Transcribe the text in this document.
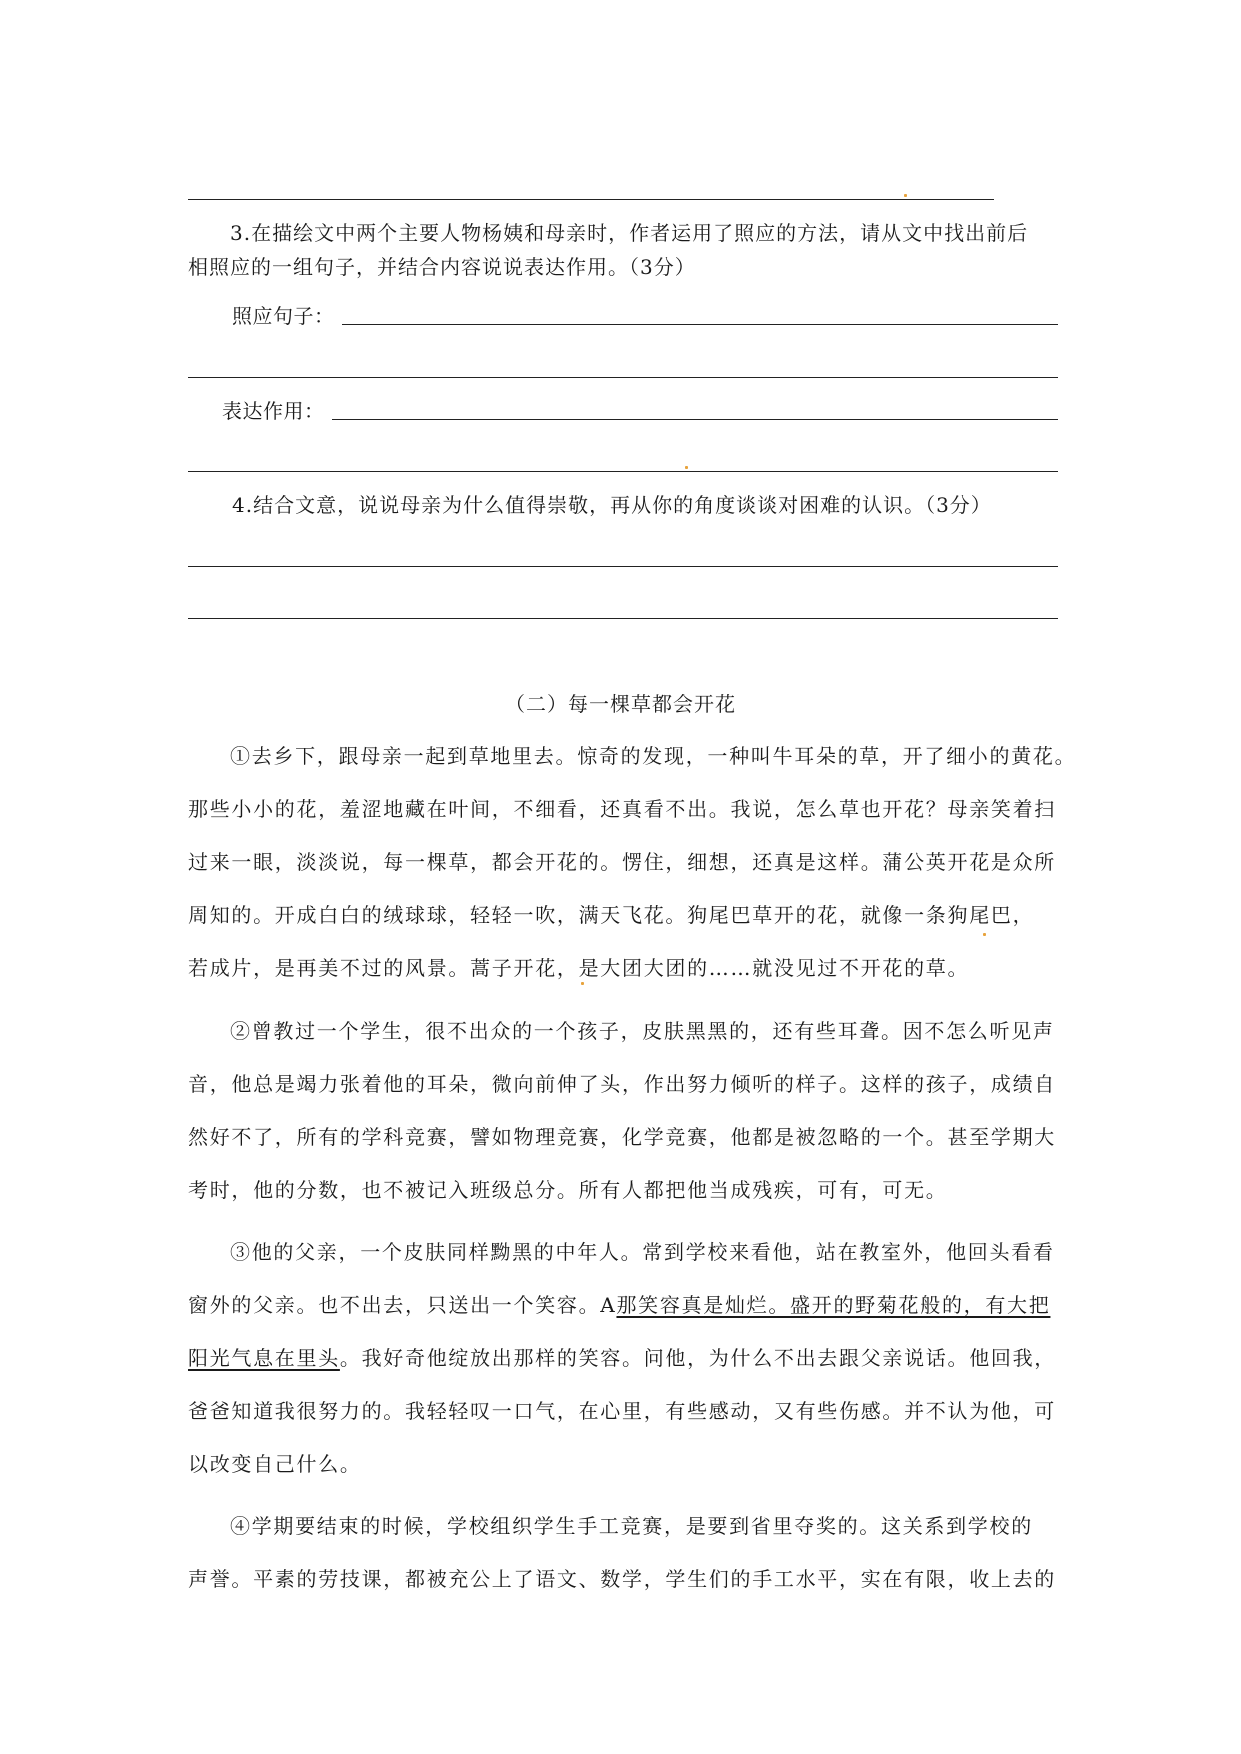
3.在描绘文中两个主要人物杨姨和母亲时，作者运用了照应的方法，请从文中找出前后
相照应的一组句子，并结合内容说说表达作用。（3分）
照应句子：
表达作用：
4.结合文意，说说母亲为什么值得崇敬，再从你的角度谈谈对困难的认识。（3分）
（二）每一棵草都会开花
①去乡下，跟母亲一起到草地里去。惊奇的发现，一种叫牛耳朵的草，开了细小的黄花。
那些小小的花，羞涩地藏在叶间，不细看，还真看不出。我说，怎么草也开花？母亲笑着扫
过来一眼，淡淡说，每一棵草，都会开花的。愣住，细想，还真是这样。蒲公英开花是众所
周知的。开成白白的绒球球，轻轻一吹，满天飞花。狗尾巴草开的花，就像一条狗尾巴，
若成片，是再美不过的风景。蒿子开花，是大团大团的……就没见过不开花的草。
②曾教过一个学生，很不出众的一个孩子，皮肤黑黑的，还有些耳聋。因不怎么听见声
音，他总是竭力张着他的耳朵，微向前伸了头，作出努力倾听的样子。这样的孩子，成绩自
然好不了，所有的学科竞赛，譬如物理竞赛，化学竞赛，他都是被忽略的一个。甚至学期大
考时，他的分数，也不被记入班级总分。所有人都把他当成残疾，可有，可无。
③他的父亲，一个皮肤同样黝黑的中年人。常到学校来看他，站在教室外，他回头看看
窗外的父亲。也不出去，只送出一个笑容。A那笑容真是灿烂。盛开的野菊花般的，有大把
阳光气息在里头。我好奇他绽放出那样的笑容。问他，为什么不出去跟父亲说话。他回我，
爸爸知道我很努力的。我轻轻叹一口气，在心里，有些感动，又有些伤感。并不认为他，可
以改变自己什么。
④学期要结束的时候，学校组织学生手工竞赛，是要到省里夺奖的。这关系到学校的
声誉。平素的劳技课，都被充公上了语文、数学，学生们的手工水平，实在有限，收上去的
